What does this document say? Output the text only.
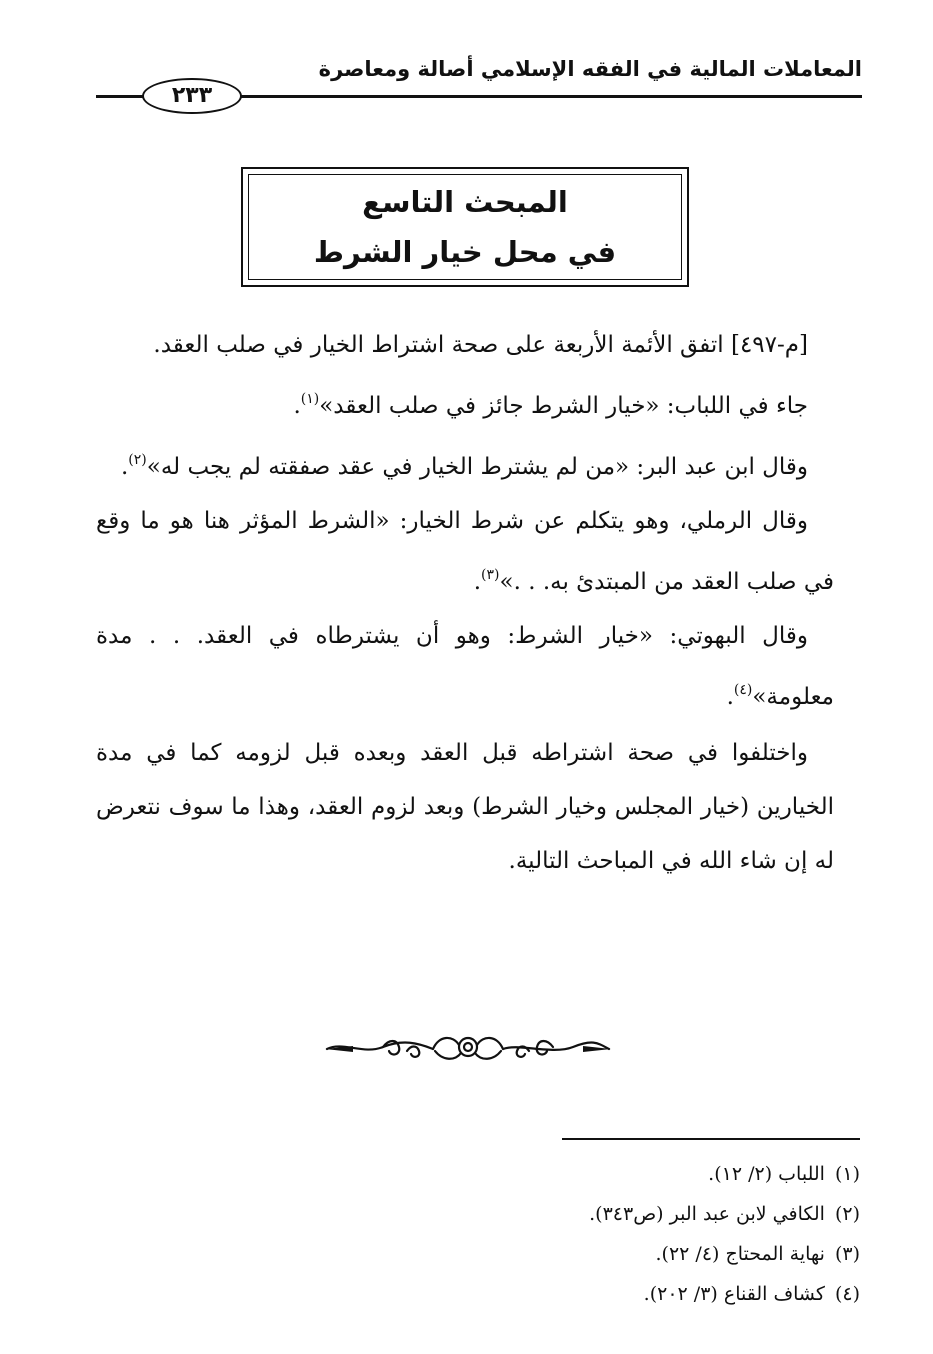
المعاملات المالية في الفقه الإسلامي أصالة ومعاصرة
٢٣٣
المبحث التاسع
في محل خيار الشرط

[م-٤٩٧] اتفق الأئمة الأربعة على صحة اشتراط الخيار في صلب العقد.

جاء في اللباب: «خيار الشرط جائز في صلب العقد»$^{(١)}$.

وقال ابن عبد البر: «من لم يشترط الخيار في عقد صفقته لم يجب له»$^{(٢)}$.

وقال الرملي، وهو يتكلم عن شرط الخيار: «الشرط المؤثر هنا هو ما وقع في صلب العقد من المبتدئ به. . .»$^{(٣)}$.

وقال البهوتي: «خيار الشرط: وهو أن يشترطاه في العقد. . . مدة معلومة»$^{(٤)}$.

واختلفوا في صحة اشتراطه قبل العقد وبعده قبل لزومه كما في مدة الخيارين (خيار المجلس وخيار الشرط) وبعد لزوم العقد، وهذا ما سوف نتعرض له إن شاء الله في المباحث التالية.

(١)اللباب (٢/ ١٢).
(٢)الكافي لابن عبد البر (ص٣٤٣).
(٣)نهاية المحتاج (٤/ ٢٢).
(٤)كشاف القناع (٣/ ٢٠٢).
